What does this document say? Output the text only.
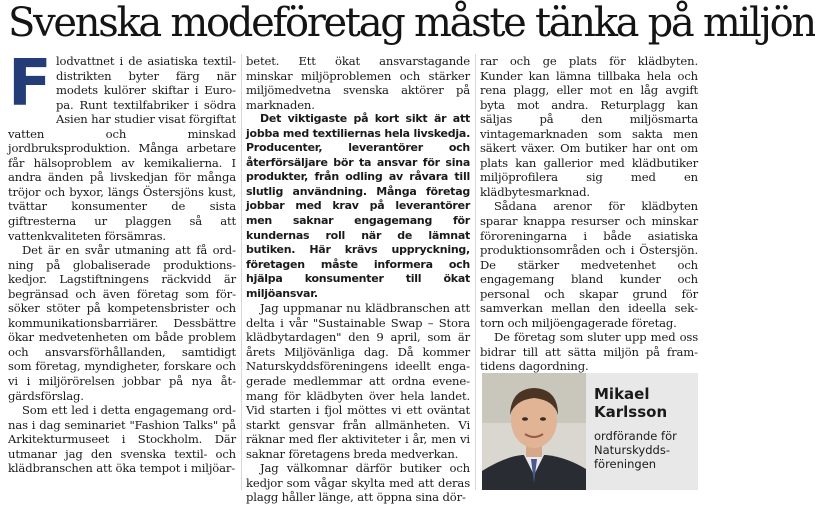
Svenska modeföretag måste tänka på miljön
F lodvattnet i de asiatiska textildistrikten byter färg när modets kulörer skiftar i Europa. Runt textilfabriker i södra Asien har studier visat förgiftat vatten och minskad jordbruksproduktion. Många arbetare får hälsoproblem av kemikalierna. I andra änden på livskedjan för många tröjor och byxor, längs Östersjöns kust, tvättar konsumenter de sista giftresterna ur plaggen så att vattenkvaliteten försämras.

Det är en svår utmaning att få ordning på globaliserade produktionskedjor. Lagstiftningens räckvidd är begränsad och även företag som försöker stöter på kompetensbrister och kommunikationsbarriärer. Dessbättre ökar medvetenheten om både problem och ansvarsförhållanden, samtidigt som företag, myndigheter, forskare och vi i miljörörelsen jobbar på nya åtgärdsförslag.

Som ett led i detta engagemang ordnas i dag seminariet "Fashion Talks" på Arkitekturmuseet i Stockholm. Där utmanar jag den svenska textil- och klädbranschen att öka tempot i miljöar-

betet. Ett ökat ansvarstagande minskar miljöproblemen och stärker miljömedvetna svenska aktörer på marknaden.

Det viktigaste på kort sikt är att jobba med textiliernas hela livskedja. Producenter, leverantörer och återförsäljare bör ta ansvar för sina produkter, från odling av råvara till slutlig användning. Många företag jobbar med krav på leverantörer men saknar engagemang för kundernas roll när de lämnat butiken. Här krävs uppryckning, företagen måste informera och hjälpa konsumenter till ökat miljöansvar.

Jag uppmanar nu klädbranschen att delta i vår "Sustainable Swap – Stora klädbytardagen" den 9 april, som är årets Miljövänliga dag. Då kommer Naturskyddsföreningens ideellt engagerade medlemmar att ordna evenemang för klädbyten över hela landet. Vid starten i fjol möttes vi ett oväntat starkt gensvar från allmänheten. Vi räknar med fler aktiviteter i år, men vi saknar företagens breda medverkan.

Jag välkomnar därför butiker och kedjor som vågar skylta med att deras plagg håller länge, att öppna sina dör-

rar och ge plats för klädbyten. Kunder kan lämna tillbaka hela och rena plagg, eller mot en låg avgift byta mot andra. Returplagg kan säljas på den miljösmarta vintagemarknaden som sakta men säkert växer. Om butiker har ont om plats kan gallerior med klädbutiker miljöprofilera sig med en klädbytesmarknad.

Sådana arenor för klädbyten sparar knappa resurser och minskar föroreningarna i både asiatiska produktionsområden och i Östersjön. De stärker medvetenhet och engagemang bland kunder och personal och skapar grund för samverkan mellan den ideella sektorn och miljöengagerade företag.

De företag som sluter upp med oss bidrar till att sätta miljön på framtidens dagordning.

Mikael
Karlsson
ordförande för Naturskyddsföreningen
